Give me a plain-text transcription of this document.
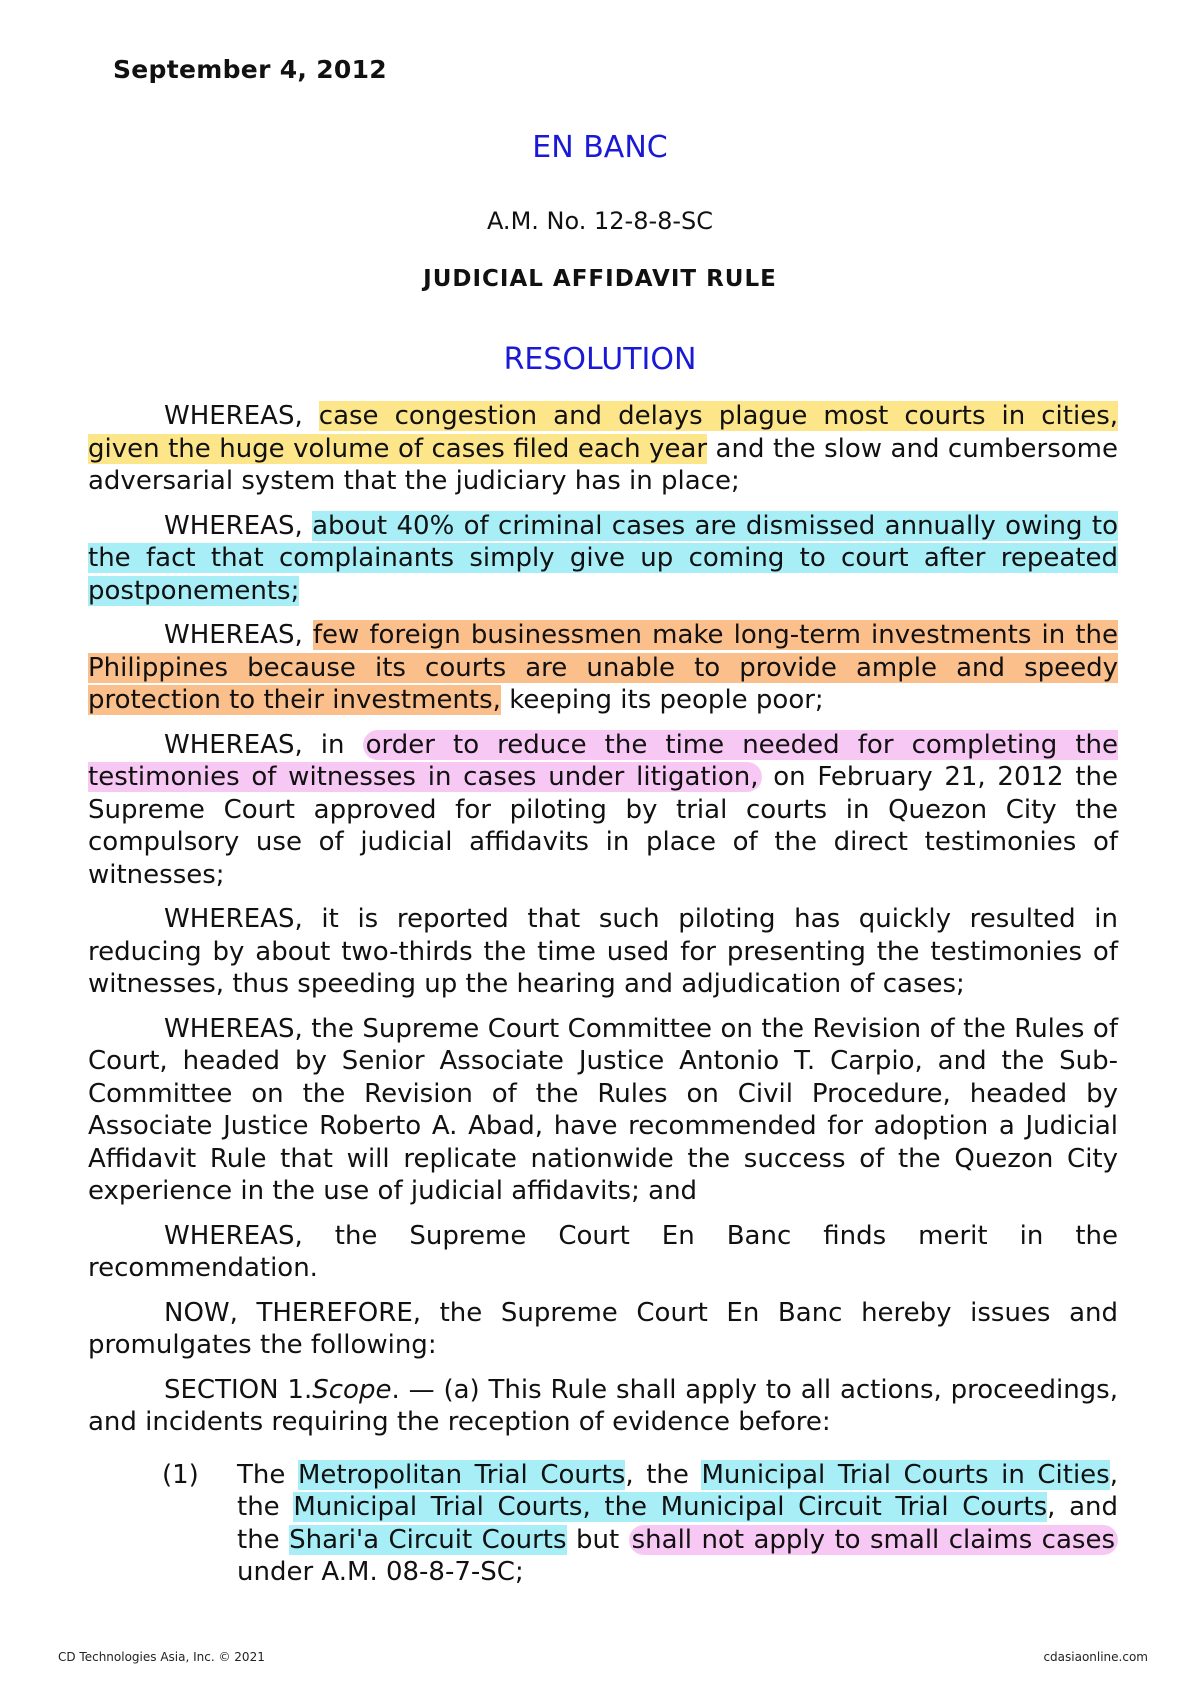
September 4, 2012
EN BANC
A.M. No. 12-8-8-SC
JUDICIAL AFFIDAVIT RULE
RESOLUTION

WHEREAS, case congestion and delays plague most courts in cities, given the huge volume of cases filed each year and the slow and cumbersome adversarial system that the judiciary has in place;

WHEREAS, about 40% of criminal cases are dismissed annually owing to the fact that complainants simply give up coming to court after repeated postponements;

WHEREAS, few foreign businessmen make long-term investments in the Philippines because its courts are unable to provide ample and speedy protection to their investments, keeping its people poor;

WHEREAS, in order to reduce the time needed for completing the testimonies of witnesses in cases under litigation, on February 21, 2012 the Supreme Court approved for piloting by trial courts in Quezon City the compulsory use of judicial affidavits in place of the direct testimonies of witnesses;

WHEREAS, it is reported that such piloting has quickly resulted in reducing by about two-thirds the time used for presenting the testimonies of witnesses, thus speeding up the hearing and adjudication of cases;

WHEREAS, the Supreme Court Committee on the Revision of the Rules of Court, headed by Senior Associate Justice Antonio T. Carpio, and the Sub-Committee on the Revision of the Rules on Civil Procedure, headed by Associate Justice Roberto A. Abad, have recommended for adoption a Judicial Affidavit Rule that will replicate nationwide the success of the Quezon City experience in the use of judicial affidavits; and

WHEREAS, the Supreme Court En Banc finds merit in the recommendation.

NOW, THEREFORE, the Supreme Court En Banc hereby issues and promulgates the following:

SECTION 1.Scope. — (a) This Rule shall apply to all actions, proceedings, and incidents requiring the reception of evidence before:

(1) The Metropolitan Trial Courts, the Municipal Trial Courts in Cities, the Municipal Trial Courts, the Municipal Circuit Trial Courts, and the Shari'a Circuit Courts but shall not apply to small claims cases under A.M. 08-8-7-SC;

CD Technologies Asia, Inc. © 2021	cdasiaonline.com
